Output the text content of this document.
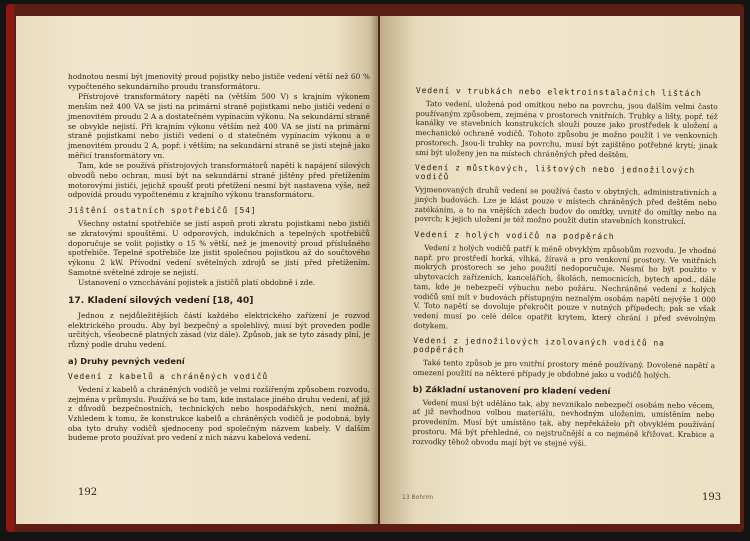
hodnotou nesmí být jmenovitý proud pojistky nebo jističe vedení větší než 60 % vypočteného sekundárního proudu transformátoru.

Přístrojové transformátory napětí na (větším 500 V) s krajním výkonem menším než 400 VA se jistí na primární straně pojistkami nebo jističi vedení o jmenovitém proudu 2 A a dostatečném vypínacím výkonu. Na sekundární straně se obvykle nejistí. Při krajním výkonu větším než 400 VA se jistí na primární straně pojistkami nebo jističi vedení o d statečném vypínacím výkonu a o jmenovitém proudu 2 A, popř. i větším; na sekundární straně se jistí stejně jako měřicí transformátory vn.

Tam, kde se používá přístrojových transformátorů napětí k napájení silových obvodů nebo ochran, musí být na sekundární straně jištěny před přetížením motorovými jističi, jejichž spoušť proti přetížení nesmí být nastavena výše, než odpovídá proudu vypočtenému z krajního výkonu transformátoru.

Jištění ostatních spotřebičů [54]

Všechny ostatní spotřebiče se jistí aspoň proti zkratu pojistkami nebo jističi se zkratovými spouštěmi. U odporových, indukčních a tepelných spotřebičů doporučuje se volit pojistky o 15 % větší, než je jmenovitý proud příslušného spotřebiče. Tepelné spotřebiče lze jistit společnou pojistkou až do součtového výkonu 2 kW. Přívodní vedení světelných zdrojů se jistí před přetížením. Samotné světelné zdroje se nejistí.

Ustanovení o vzncchávání pojistek a jističů platí obdobně i zde.

17. Kladení silových vedení [18, 40]

Jednou z nejdůležitějších částí každého elektrického zařízení je rozvod elektrického proudu. Aby byl bezpečný a spolehlivý, musí být proveden podle určitých, všeobecně platných zásad (viz dále). Způsob, jak se tyto zásady plní, je různý podle druhu vedení.

a) Druhy pevných vedení
Vedení z kabelů a chráněných vodičů

Vedení z kabelů a chráněných vodičů je velmi rozšířeným způsobem rozvodu, zejména v průmyslu. Používá se ho tam, kde instalace jiného druhu vedení, ať již z důvodů bezpečnostních, technických nebo hospodářských, není možná. Vzhledem k tomu, že konstrukce kabelů a chráněných vodičů je podobná, byly oba tyto druhy vodičů sjednoceny pod společným názvem kabely. V dalším budeme proto používat pro vedení z nich názvu kabelová vedení.

192
Vedení v trubkách nebo elektroinstalačních lištách

Tato vedení, uložená pod omítkou nebo na povrchu, jsou dalším velmi často používaným způsobem, zejména v prostorech vnitřních. Trubky a lišty, popř. též kanálky ve stavebních konstrukcích slouží pouze jako prostředek k uložení a mechanické ochraně vodičů. Tohoto způsobu je možno použít i ve venkovních prostorech. Jsou-li trubky na povrchu, musí být zajištěno potřebné krytí; jinak smí být uloženy jen na místech chráněných před deštěm.

Vedení z můstkových, lištových nebo jednožilových vodičů

Vyjmenovaných druhů vedení se používá často v obytných, administrativních a jiných budovách. Lze je klást pouze v místech chráněných před deštěm nebo zatékáním, a to na vnějších zdech budov do omítky, uvnitř do omítky nebo na povrch; k jejich uložení je též možno použít dutin stavebních konstrukcí.

Vedení z holých vodičů na podpěrách

Vedení z holých vodičů patří k méně obvyklým způsobům rozvodu. Je vhodné např. pro prostředí horká, vlhká, žíravá a pro venkovní prostory. Ve vnitřních mokrých prostorech se jeho použití nedoporučuje. Nesmí ho být použito v ubytovacích zařízeních, kancelářích, školách, nemocnicích, bytech apod., dále tam, kde je nebezpečí výbuchu nebo požáru. Nechráněné vedení z holých vodičů smí mít v budovách přístupným neznalým osobám napětí nejvýše 1 000 V. Toto napětí se dovoluje překročit pouze v nutných případech; pak se však vedení musí po celé délce opatřit krytem, který chrání i před svévolným dotykem.

Vedení z jednožilových izolovaných vodičů na podpěrách

Také tento způsob je pro vnitřní prostory méně používaný. Dovolené napětí a omezení použití na některé případy je obdobné jako u vodičů holých.

b) Základní ustanovení pro kladení vedení

Vedení musí být uděláno tak, aby nevznikalo nebezpečí osobám nebo věcem, ať již nevhodnou volbou materiálu, nevhodným uložením, umístěním nebo provedením. Musí být umístěno tak, aby nepřekáželo při obvyklém používání prostoru. Má být přehledné, co nejstručnější a co nejméně křižovat. Krabice a rozvodky těhož obvodu mají být ve stejné výši.

13 Bohrim	193
